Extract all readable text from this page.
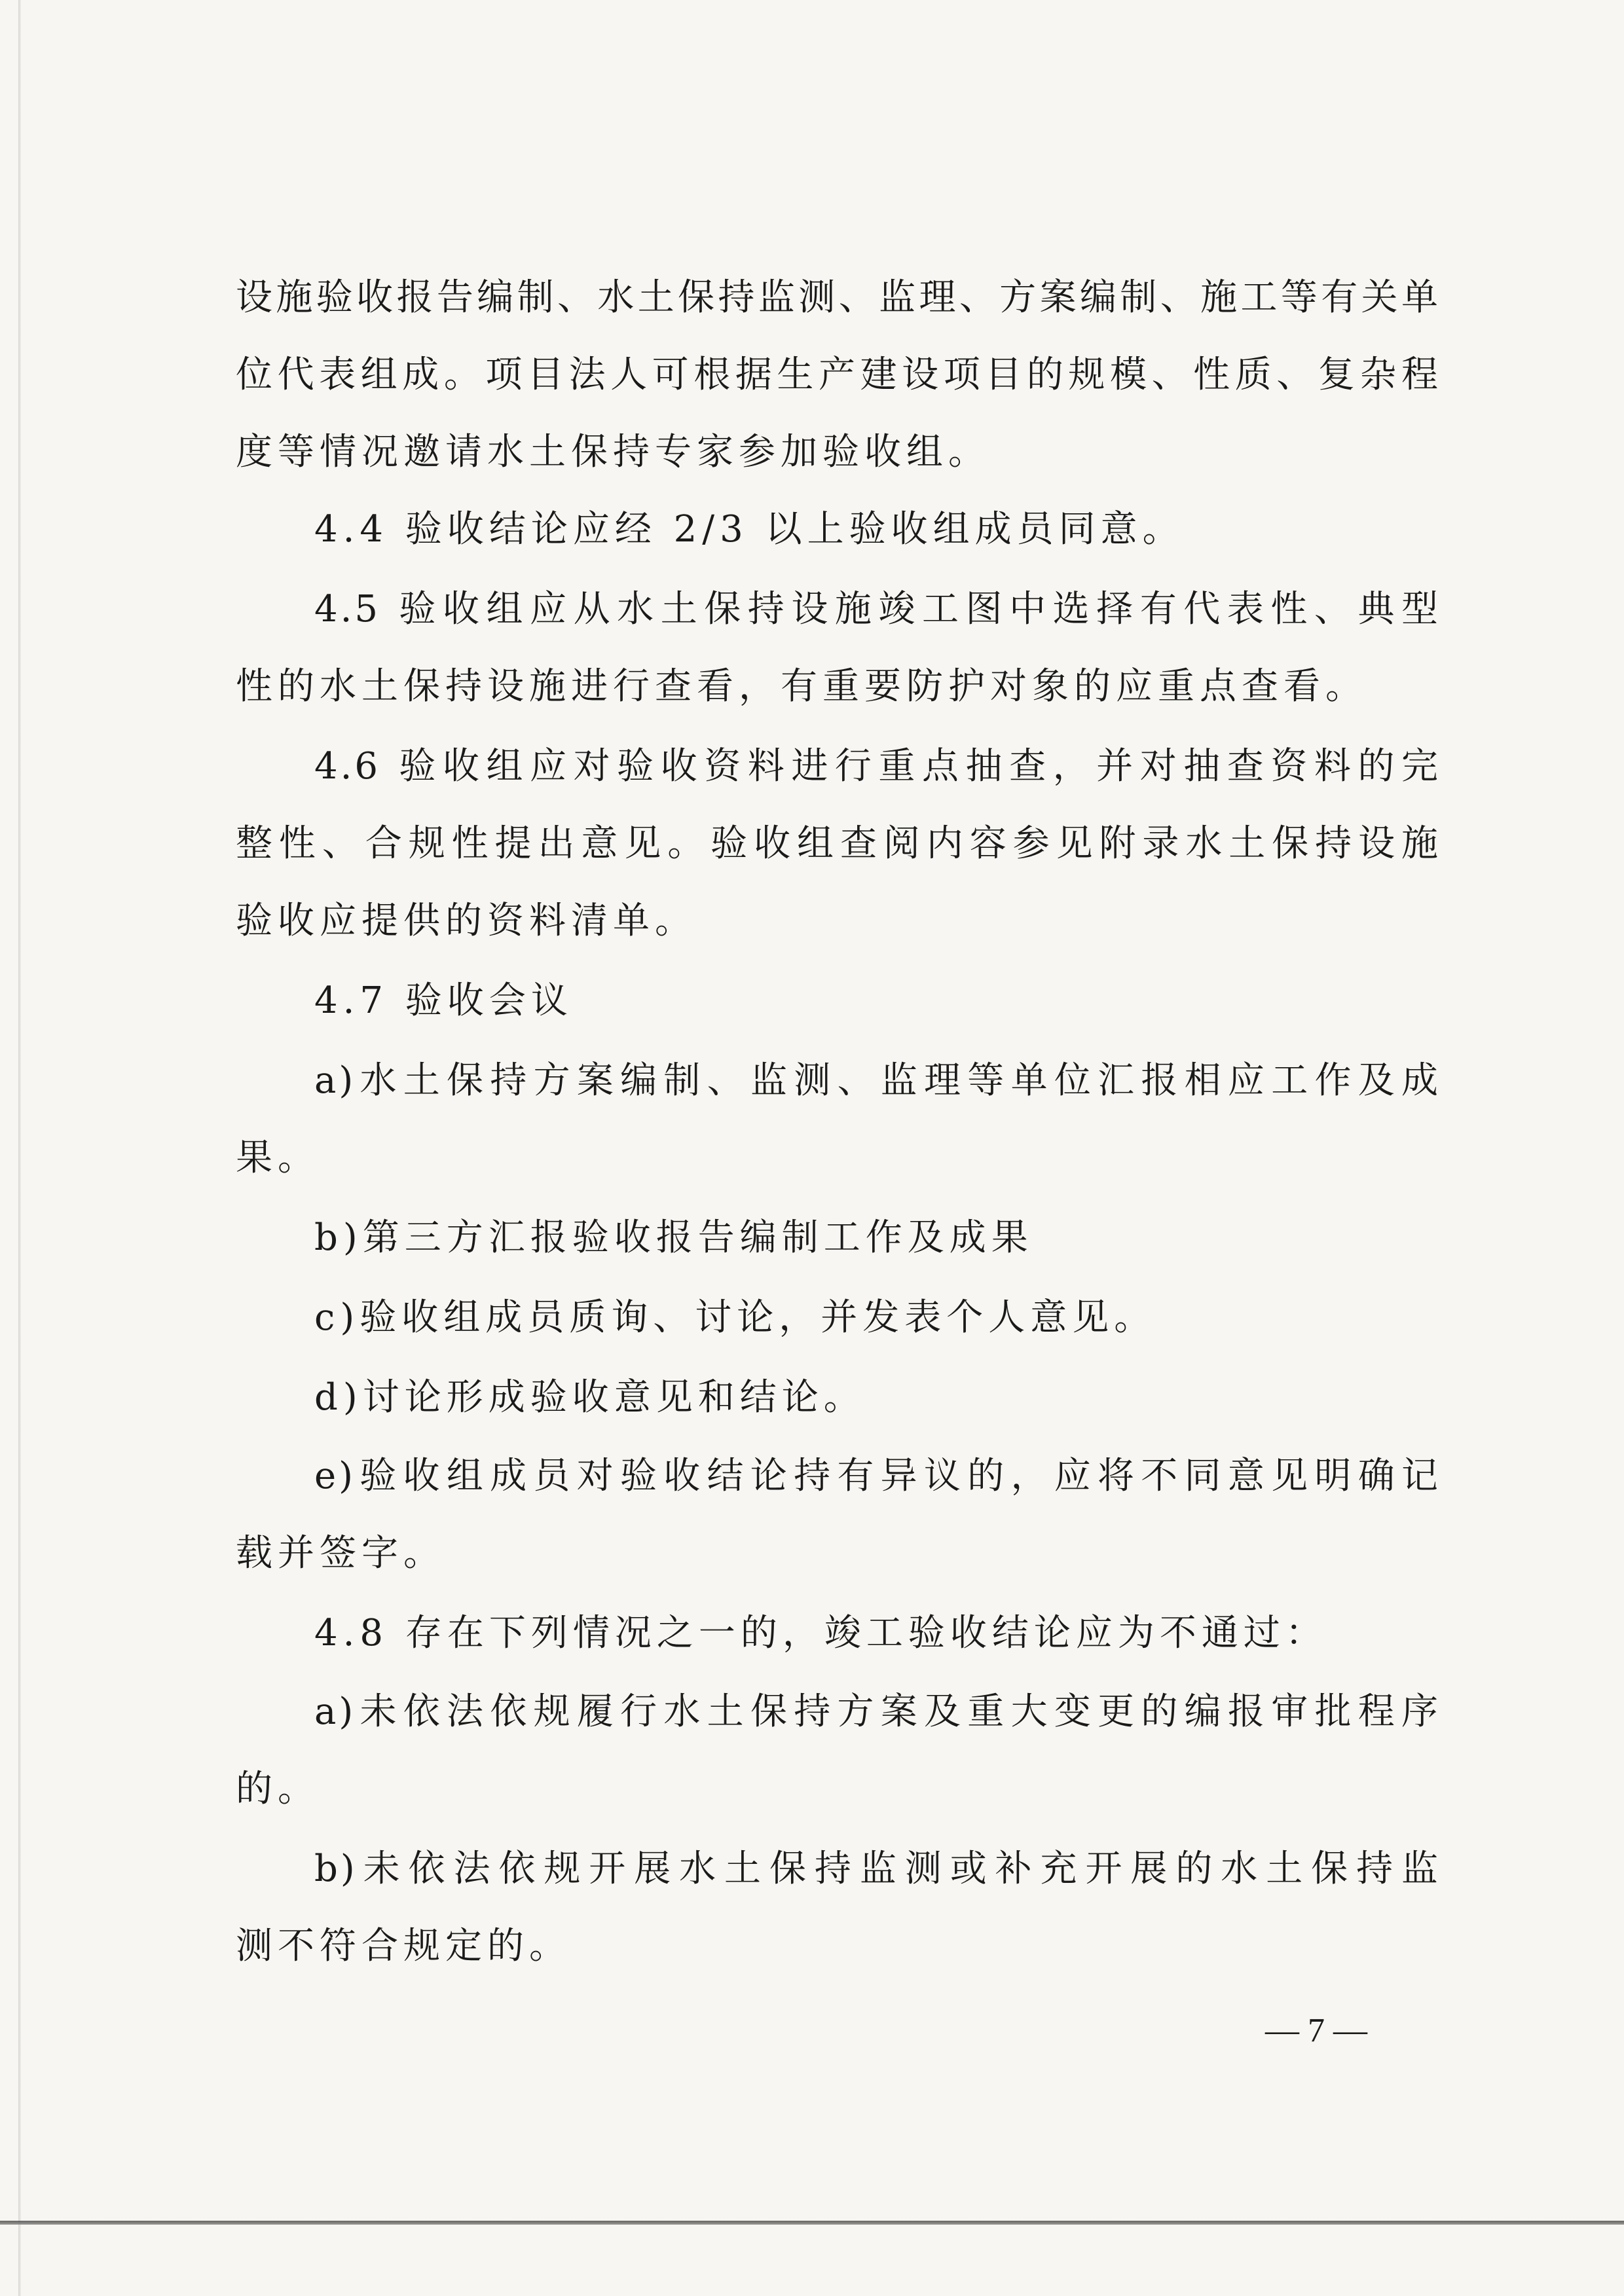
设施验收报告编制、水土保持监测、监理、方案编制、施工等有关单
位代表组成。项目法人可根据生产建设项目的规模、性质、复杂程
度等情况邀请水土保持专家参加验收组。
4.4 验收结论应经 2/3 以上验收组成员同意。
4.5 验收组应从水土保持设施竣工图中选择有代表性、典型
性的水土保持设施进行查看，有重要防护对象的应重点查看。
4.6 验收组应对验收资料进行重点抽查，并对抽查资料的完
整性、合规性提出意见。验收组查阅内容参见附录水土保持设施
验收应提供的资料清单。
4.7 验收会议
a)水土保持方案编制、监测、监理等单位汇报相应工作及成
果。
b)第三方汇报验收报告编制工作及成果
c)验收组成员质询、讨论，并发表个人意见。
d)讨论形成验收意见和结论。
e)验收组成员对验收结论持有异议的，应将不同意见明确记
载并签字。
4.8 存在下列情况之一的，竣工验收结论应为不通过：
a)未依法依规履行水土保持方案及重大变更的编报审批程序
的。
b)未依法依规开展水土保持监测或补充开展的水土保持监
测不符合规定的。
— 7 —
